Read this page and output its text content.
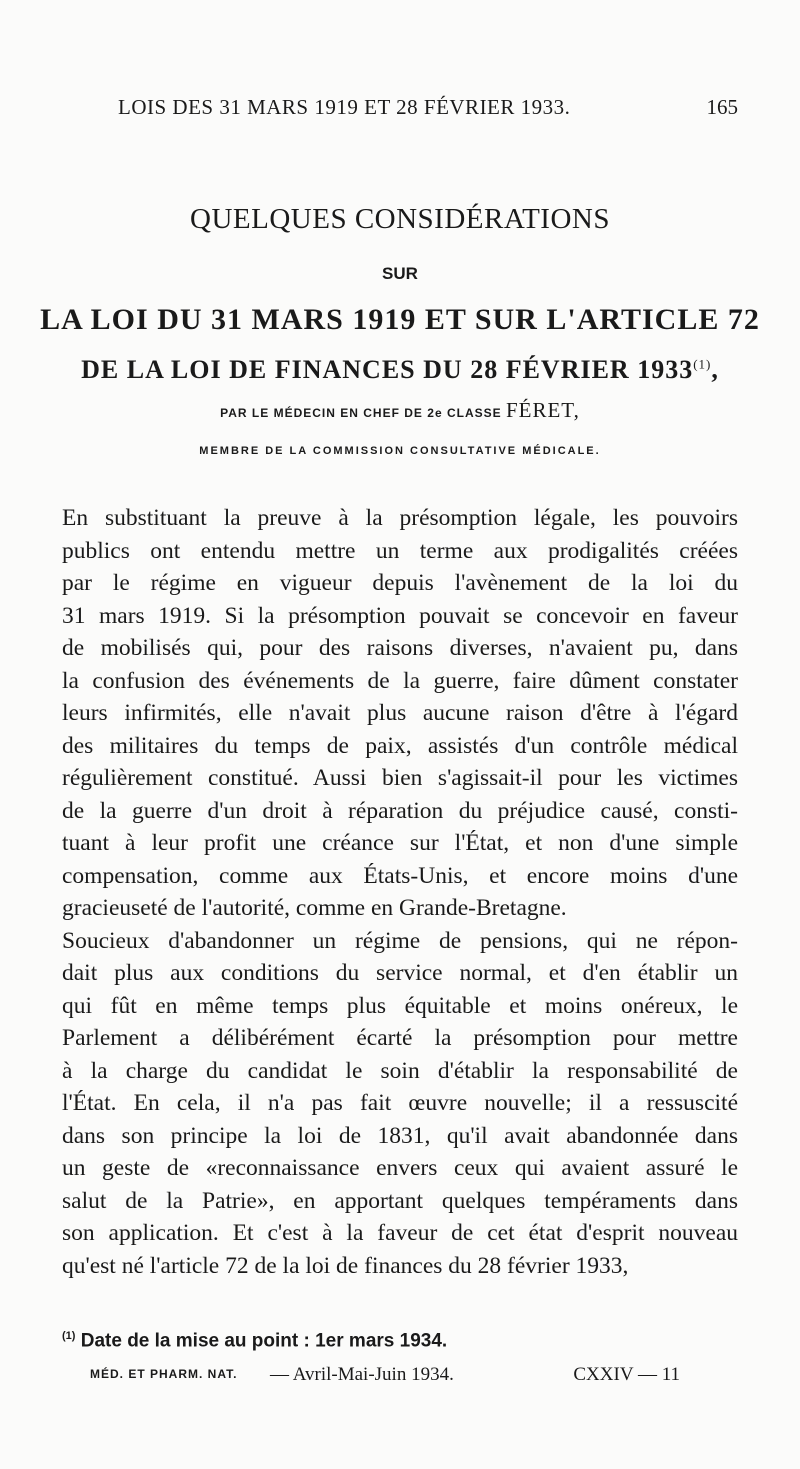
LOIS DES 31 MARS 1919 ET 28 FÉVRIER 1933.	165
QUELQUES CONSIDÉRATIONS
SUR
LA LOI DU 31 MARS 1919 ET SUR L'ARTICLE 72
DE LA LOI DE FINANCES DU 28 FÉVRIER 1933$^{(1)}$,
PAR LE MÉDECIN EN CHEF DE 2e CLASSE FÉRET,
MEMBRE DE LA COMMISSION CONSULTATIVE MÉDICALE.
En substituant la preuve à la présomption légale, les pouvoirs
publics ont entendu mettre un terme aux prodigalités créées
par le régime en vigueur depuis l'avènement de la loi du
31 mars 1919. Si la présomption pouvait se concevoir en faveur
de mobilisés qui, pour des raisons diverses, n'avaient pu, dans
la confusion des événements de la guerre, faire dûment constater
leurs infirmités, elle n'avait plus aucune raison d'être à l'égard
des militaires du temps de paix, assistés d'un contrôle médical
régulièrement constitué. Aussi bien s'agissait-il pour les victimes
de la guerre d'un droit à réparation du préjudice causé, consti-
tuant à leur profit une créance sur l'État, et non d'une simple
compensation, comme aux États-Unis, et encore moins d'une
gracieuseté de l'autorité, comme en Grande-Bretagne.
Soucieux d'abandonner un régime de pensions, qui ne répon-
dait plus aux conditions du service normal, et d'en établir un
qui fût en même temps plus équitable et moins onéreux, le
Parlement a délibérément écarté la présomption pour mettre
à la charge du candidat le soin d'établir la responsabilité de
l'État. En cela, il n'a pas fait œuvre nouvelle; il a ressuscité
dans son principe la loi de 1831, qu'il avait abandonnée dans
un geste de «reconnaissance envers ceux qui avaient assuré le
salut de la Patrie», en apportant quelques tempéraments dans
son application. Et c'est à la faveur de cet état d'esprit nouveau
qu'est né l'article 72 de la loi de finances du 28 février 1933,
$^{(1)}$ Date de la mise au point : 1er mars 1934.
MÉD. ET PHARM. NAT. — Avril-Mai-Juin 1934.	CXXIV — 11
